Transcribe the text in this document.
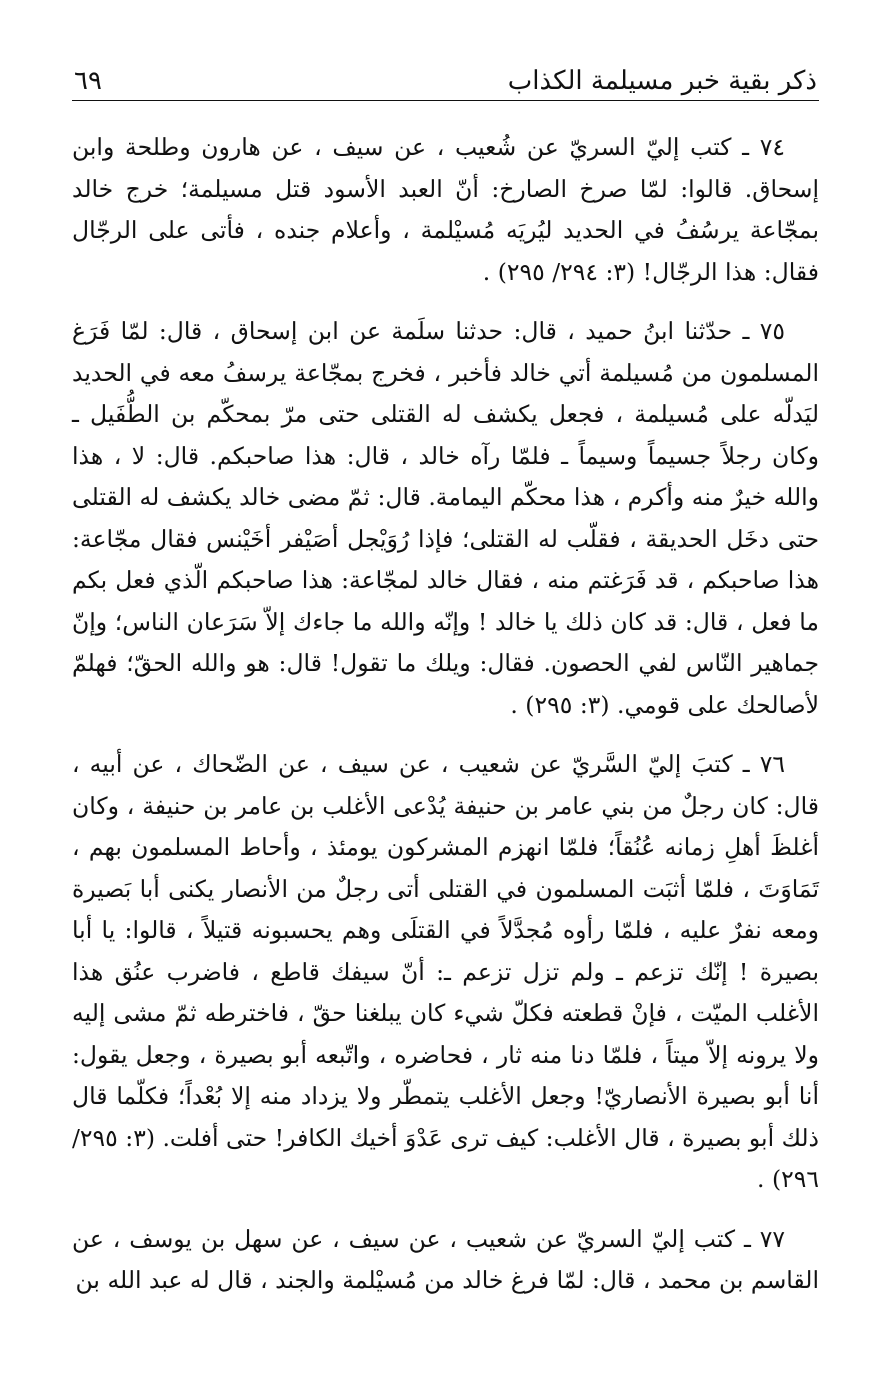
ذكر بقية خبر مسيلمة الكذاب
٦٩

٧٤ ـ كتب إليّ السريّ عن شُعيب ، عن سيف ، عن هارون وطلحة وابن إسحاق. قالوا: لمّا صرخ الصارخ: أنّ العبد الأسود قتل مسيلمة؛ خرج خالد بمجّاعة يرسُفُ في الحديد ليُريَه مُسيْلمة ، وأعلام جنده ، فأتى على الرجّال فقال: هذا الرجّال! (٣: ٢٩٤/ ٢٩٥) .

٧٥ ـ حدّثنا ابنُ حميد ، قال: حدثنا سلَمة عن ابن إسحاق ، قال: لمّا فَرَغ المسلمون من مُسيلمة أتي خالد فأخبر ، فخرج بمجّاعة يرسفُ معه في الحديد ليَدلّه على مُسيلمة ، فجعل يكشف له القتلى حتى مرّ بمحكّم بن الطُّفَيل ـ وكان رجلاً جسيماً وسيماً ـ فلمّا رآه خالد ، قال: هذا صاحبكم. قال: لا ، هذا والله خيرٌ منه وأكرم ، هذا محكّم اليمامة. قال: ثمّ مضى خالد يكشف له القتلى حتى دخَل الحديقة ، فقلّب له القتلى؛ فإذا رُوَيْجل أصَيْفر أخَيْنس فقال مجّاعة: هذا صاحبكم ، قد فَرَغتم منه ، فقال خالد لمجّاعة: هذا صاحبكم الّذي فعل بكم ما فعل ، قال: قد كان ذلك يا خالد ! وإنّه والله ما جاءك إلاّ سَرَعان الناس؛ وإنّ جماهير النّاس لفي الحصون. فقال: ويلك ما تقول! قال: هو والله الحقّ؛ فهلمّ لأصالحك على قومي. (٣: ٢٩٥) .

٧٦ ـ كتبَ إليّ السَّريّ عن شعيب ، عن سيف ، عن الضّحاك ، عن أبيه ، قال: كان رجلٌ من بني عامر بن حنيفة يُدْعى الأغلب بن عامر بن حنيفة ، وكان أغلظَ أهلِ زمانه عُنُقاً؛ فلمّا انهزم المشركون يومئذ ، وأحاط المسلمون بهم ، تَمَاوَتَ ، فلمّا أثبَت المسلمون في القتلى أتى رجلٌ من الأنصار يكنى أبا بَصيرة ومعه نفرٌ عليه ، فلمّا رأوه مُجدَّلاً في القتلَى وهم يحسبونه قتيلاً ، قالوا: يا أبا بصيرة ! إنّك تزعم ـ ولم تزل تزعم ـ: أنّ سيفك قاطع ، فاضرب عنُق هذا الأغلب الميّت ، فإنْ قطعته فكلّ شيء كان يبلغنا حقّ ، فاخترطه ثمّ مشى إليه ولا يرونه إلاّ ميتاً ، فلمّا دنا منه ثار ، فحاضره ، واتّبعه أبو بصيرة ، وجعل يقول: أنا أبو بصيرة الأنصاريّ! وجعل الأغلب يتمطّر ولا يزداد منه إلا بُعْداً؛ فكلّما قال ذلك أبو بصيرة ، قال الأغلب: كيف ترى عَدْوَ أخيك الكافر! حتى أفلت. (٣: ٢٩٥/ ٢٩٦) .

٧٧ ـ كتب إليّ السريّ عن شعيب ، عن سيف ، عن سهل بن يوسف ، عن القاسم بن محمد ، قال: لمّا فرغ خالد من مُسيْلمة والجند ، قال له عبد الله بن
